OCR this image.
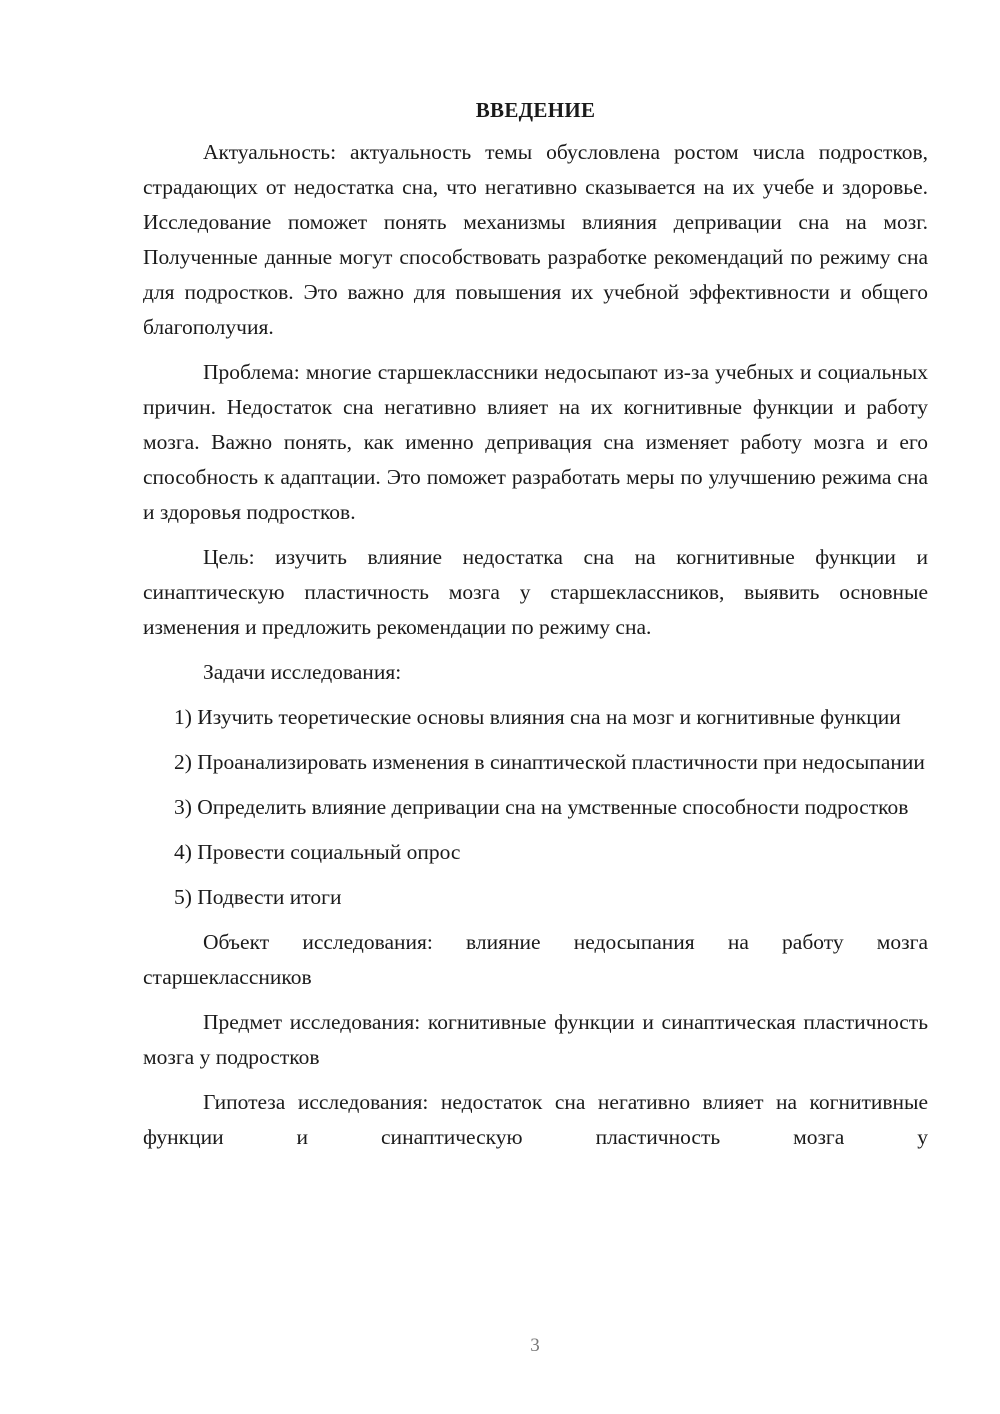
ВВЕДЕНИЕ

Актуальность: актуальность темы обусловлена ростом числа подростков, страдающих от недостатка сна, что негативно сказывается на их учебе и здоровье. Исследование поможет понять механизмы влияния депривации сна на мозг. Полученные данные могут способствовать разработке рекомендаций по режиму сна для подростков. Это важно для повышения их учебной эффективности и общего благополучия.

Проблема: многие старшеклассники недосыпают из-за учебных и социальных причин. Недостаток сна негативно влияет на их когнитивные функции и работу мозга. Важно понять, как именно депривация сна изменяет работу мозга и его способность к адаптации. Это поможет разработать меры по улучшению режима сна и здоровья подростков.

Цель: изучить влияние недостатка сна на когнитивные функции и синаптическую пластичность мозга у старшеклассников, выявить основные изменения и предложить рекомендации по режиму сна.

Задачи исследования:

1) Изучить теоретические основы влияния сна на мозг и когнитивные функции

2) Проанализировать изменения в синаптической пластичности при недосыпании

3) Определить влияние депривации сна на умственные способности подростков

4) Провести социальный опрос

5) Подвести итоги

Объект исследования: влияние недосыпания на работу мозга старшеклассников

Предмет исследования: когнитивные функции и синаптическая пластичность мозга у подростков

Гипотеза исследования: недостаток сна негативно влияет на когнитивные функции и синаптическую пластичность мозга у

3
